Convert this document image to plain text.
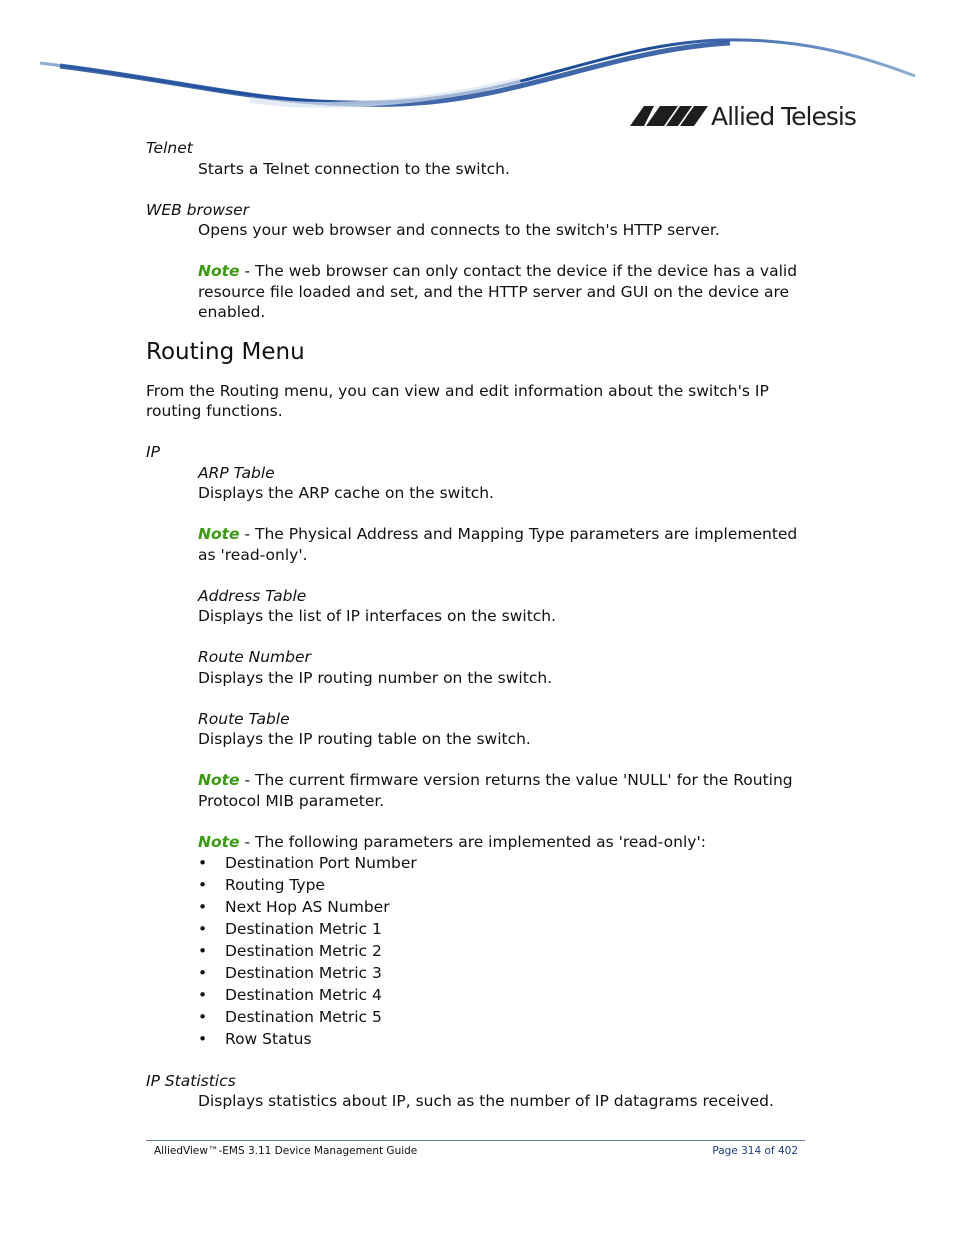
Allied Telesis

Telnet

Starts a Telnet connection to the switch.

WEB browser

Opens your web browser and connects to the switch's HTTP server.

Note - The web browser can only contact the device if the device has a valid resource file loaded and set, and the HTTP server and GUI on the device are enabled.

Routing Menu

From the Routing menu, you can view and edit information about the switch's IP routing functions.

IP

ARP Table

Displays the ARP cache on the switch.

Note - The Physical Address and Mapping Type parameters are implemented as 'read-only'.

Address Table

Displays the list of IP interfaces on the switch.

Route Number

Displays the IP routing number on the switch.

Route Table

Displays the IP routing table on the switch.

Note - The current firmware version returns the value 'NULL' for the Routing Protocol MIB parameter.

Note - The following parameters are implemented as 'read-only':

• Destination Port Number
• Routing Type
• Next Hop AS Number
• Destination Metric 1
• Destination Metric 2
• Destination Metric 3
• Destination Metric 4
• Destination Metric 5
• Row Status

IP Statistics

Displays statistics about IP, such as the number of IP datagrams received.

AlliedView™-EMS 3.11 Device Management Guide	Page 314 of 402
